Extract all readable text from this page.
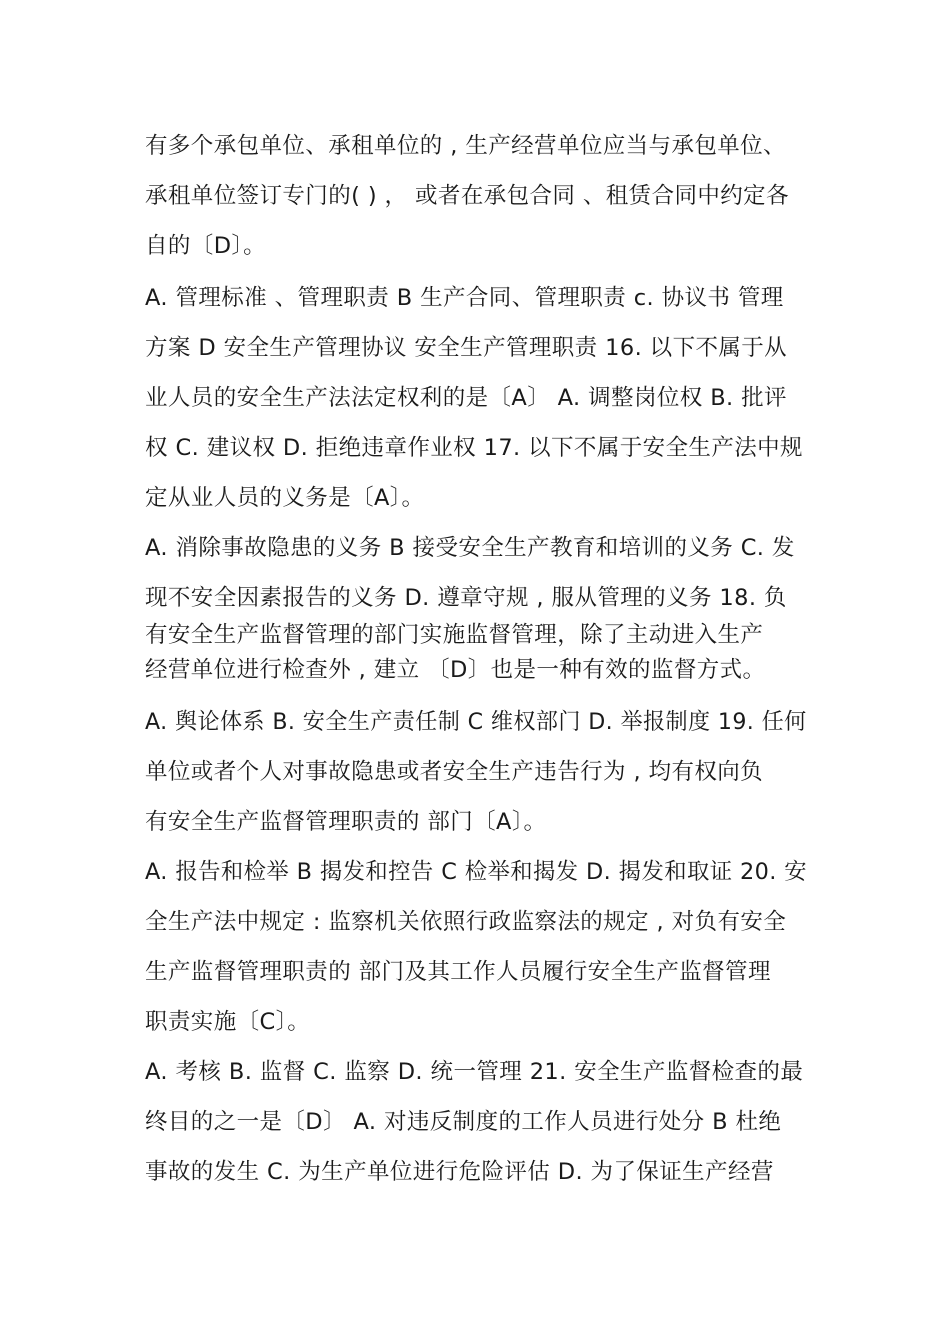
有多个承包单位、承租单位的 , 生产经营单位应当与承包单位、
承租单位签订专门的( ) ， 或者在承包合同 、租赁合同中约定各
自的〔D〕。
A. 管理标准 、管理职责 B 生产合同、管理职责 c. 协议书 管理
方案 D 安全生产管理协议 安全生产管理职责 16. 以下不属于从
业人员的安全生产法法定权利的是〔A〕 A. 调整岗位权 B. 批评
权 C. 建议权 D. 拒绝违章作业权 17. 以下不属于安全生产法中规
定从业人员的义务是〔A〕。
A. 消除事故隐患的义务 B 接受安全生产教育和培训的义务 C. 发
现不安全因素报告的义务 D. 遵章守规 , 服从管理的义务 18. 负
有安全生产监督管理的部门实施监督管理，除了主动进入生产
经营单位进行检查外 , 建立 〔D〕也是一种有效的监督方式。
A. 舆论体系 B. 安全生产责任制 C 维权部门 D. 举报制度 19. 任何
单位或者个人对事故隐患或者安全生产违告行为 , 均有权向负
有安全生产监督管理职责的 部门〔A〕。
A. 报告和检举 B 揭发和控告 C 检举和揭发 D. 揭发和取证 20. 安
全生产法中规定 : 监察机关依照行政监察法的规定 , 对负有安全
生产监督管理职责的 部门及其工作人员履行安全生产监督管理
职责实施〔C〕。
A. 考核 B. 监督 C. 监察 D. 统一管理 21. 安全生产监督检查的最
终目的之一是〔D〕 A. 对违反制度的工作人员进行处分 B 杜绝
事故的发生 C. 为生产单位进行危险评估 D. 为了保证生产经营
